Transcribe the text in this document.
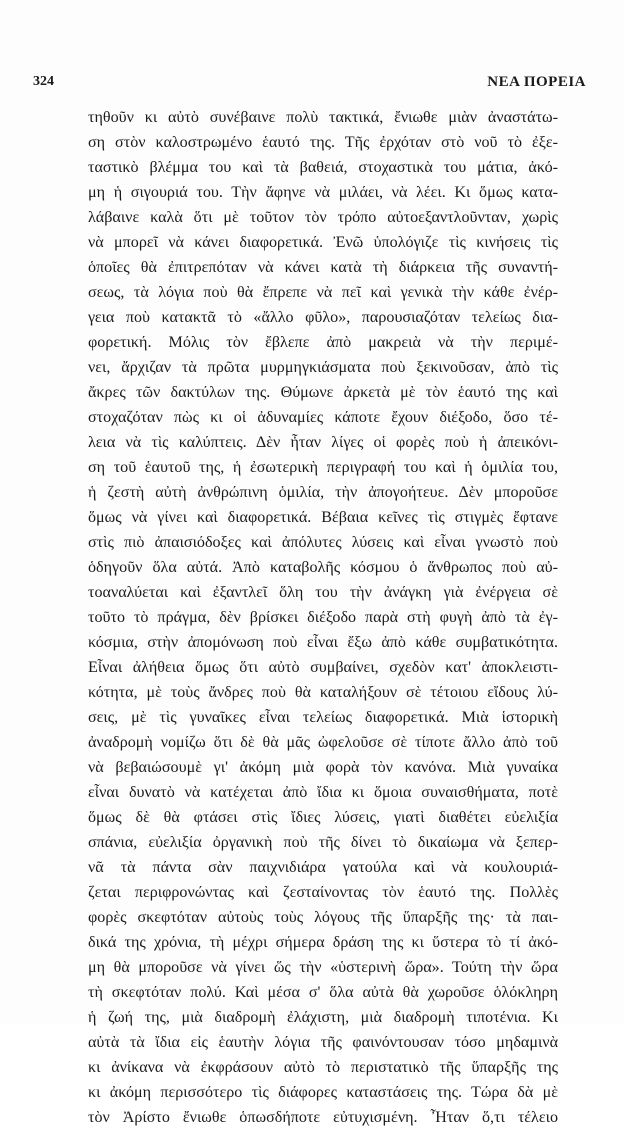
324	ΝΕΑ ΠΟΡΕΙΑ
τηθοῦν κι αὐτὸ συνέβαινε πολὺ τακτικά, ἔνιωθε μιὰν ἀναστάτω-
ση στὸν καλοστρωμένο ἑαυτό της. Τῆς ἐρχόταν στὸ νοῦ τὸ ἐξε-
ταστικὸ βλέμμα του καὶ τὰ βαθειά, στοχαστικὰ του μάτια, ἀκό-
μη ἡ σιγουριά του. Τὴν ἄφηνε νὰ μιλάει, νὰ λέει. Κι ὅμως κατα-
λάβαινε καλὰ ὅτι μὲ τοῦτον τὸν τρόπο αὐτοεξαντλοῦνταν, χωρὶς
νὰ μπορεῖ νὰ κάνει διαφορετικά. Ἐνῶ ὑπολόγιζε τὶς κινήσεις τὶς
ὁποῖες θὰ ἐπιτρεπόταν νὰ κάνει κατὰ τὴ διάρκεια τῆς συναντή-
σεως, τὰ λόγια ποὺ θὰ ἔπρεπε νὰ πεῖ καὶ γενικὰ τὴν κάθε ἐνέρ-
γεια ποὺ κατακτᾶ τὸ «ἄλλο φῦλο», παρουσιαζόταν τελείως δια-
φορετική. Μόλις τὸν ἔβλεπε ἀπὸ μακρειὰ νὰ τὴν περιμέ-
νει, ἄρχιζαν τὰ πρῶτα μυρμηγκιάσματα ποὺ ξεκινοῦσαν, ἀπὸ τὶς
ἄκρες τῶν δακτύλων της. Θύμωνε ἀρκετὰ μὲ τὸν ἑαυτό της καὶ
στοχαζόταν πὼς κι οἱ ἀδυναμίες κάποτε ἔχουν διέξοδο, ὅσο τέ-
λεια νὰ τὶς καλύπτεις. Δὲν ἦταν λίγες οἱ φορὲς ποὺ ἡ ἀπεικόνι-
ση τοῦ ἑαυτοῦ της, ἡ ἐσωτερικὴ περιγραφή του καὶ ἡ ὁμιλία του,
ἡ ζεστὴ αὐτὴ ἀνθρώπινη ὁμιλία, τὴν ἀπογοήτευε. Δὲν μποροῦσε
ὅμως νὰ γίνει καὶ διαφορετικά. Βέβαια κεῖνες τὶς στιγμὲς ἔφτανε
στὶς πιὸ ἀπαισιόδοξες καὶ ἀπόλυτες λύσεις καὶ εἶναι γνωστὸ ποὺ
ὁδηγοῦν ὅλα αὐτά. Ἀπὸ καταβολῆς κόσμου ὁ ἄνθρωπος ποὺ αὐ-
τοαναλύεται καὶ ἐξαντλεῖ ὅλη του τὴν ἀνάγκη γιὰ ἐνέργεια σὲ
τοῦτο τὸ πράγμα, δὲν βρίσκει διέξοδο παρὰ στὴ φυγὴ ἀπὸ τὰ ἐγ-
κόσμια, στὴν ἀπομόνωση ποὺ εἶναι ἔξω ἀπὸ κάθε συμβατικότητα.
Εἶναι ἀλήθεια ὅμως ὅτι αὐτὸ συμβαίνει, σχεδὸν κατ' ἀποκλειστι-
κότητα, μὲ τοὺς ἄνδρες ποὺ θὰ καταλήξουν σὲ τέτοιου εἴδους λύ-
σεις, μὲ τὶς γυναῖκες εἶναι τελείως διαφορετικά. Μιὰ ἱστορικὴ
ἀναδρομὴ νομίζω ὅτι δὲ θὰ μᾶς ὠφελοῦσε σὲ τίποτε ἄλλο ἀπὸ τοῦ
νὰ βεβαιώσουμὲ γι' ἀκόμη μιὰ φορὰ τὸν κανόνα. Μιὰ γυναίκα
εἶναι δυνατὸ νὰ κατέχεται ἀπὸ ἴδια κι ὅμοια συναισθήματα, ποτὲ
ὅμως δὲ θὰ φτάσει στὶς ἴδιες λύσεις, γιατὶ διαθέτει εὐελιξία
σπάνια, εὐελιξία ὀργανικὴ ποὺ τῆς δίνει τὸ δικαίωμα νὰ ξεπερ-
νᾶ τὰ πάντα σὰν παιχνιδιάρα γατούλα καὶ νὰ κουλουριά-
ζεται περιφρονώντας καὶ ζεσταίνοντας τὸν ἑαυτό της. Πολλὲς
φορὲς σκεφτόταν αὐτοὺς τοὺς λόγους τῆς ὕπαρξῆς της· τὰ παι-
δικά της χρόνια, τὴ μέχρι σήμερα δράση της κι ὕστερα τὸ τί ἀκό-
μη θὰ μποροῦσε νὰ γίνει ὥς τὴν «ὑστερινὴ ὥρα». Τούτη τὴν ὥρα
τὴ σκεφτόταν πολύ. Καὶ μέσα σ' ὅλα αὐτὰ θὰ χωροῦσε ὁλόκληρη
ἡ ζωή της, μιὰ διαδρομὴ ἐλάχιστη, μιὰ διαδρομὴ τιποτένια. Κι
αὐτὰ τὰ ἴδια εἰς ἑαυτὴν λόγια τῆς φαινόντουσαν τόσο μηδαμινὰ
κι ἀνίκανα νὰ ἐκφράσουν αὐτὸ τὸ περιστατικὸ τῆς ὕπαρξῆς της
κι ἀκόμη περισσότερο τὶς διάφορες καταστάσεις της. Τώρα δὰ μὲ
τὸν Ἀρίστο ἔνιωθε ὁπωσδήποτε εὐτυχισμένη. Ἦταν ὅ,τι τέλειο
